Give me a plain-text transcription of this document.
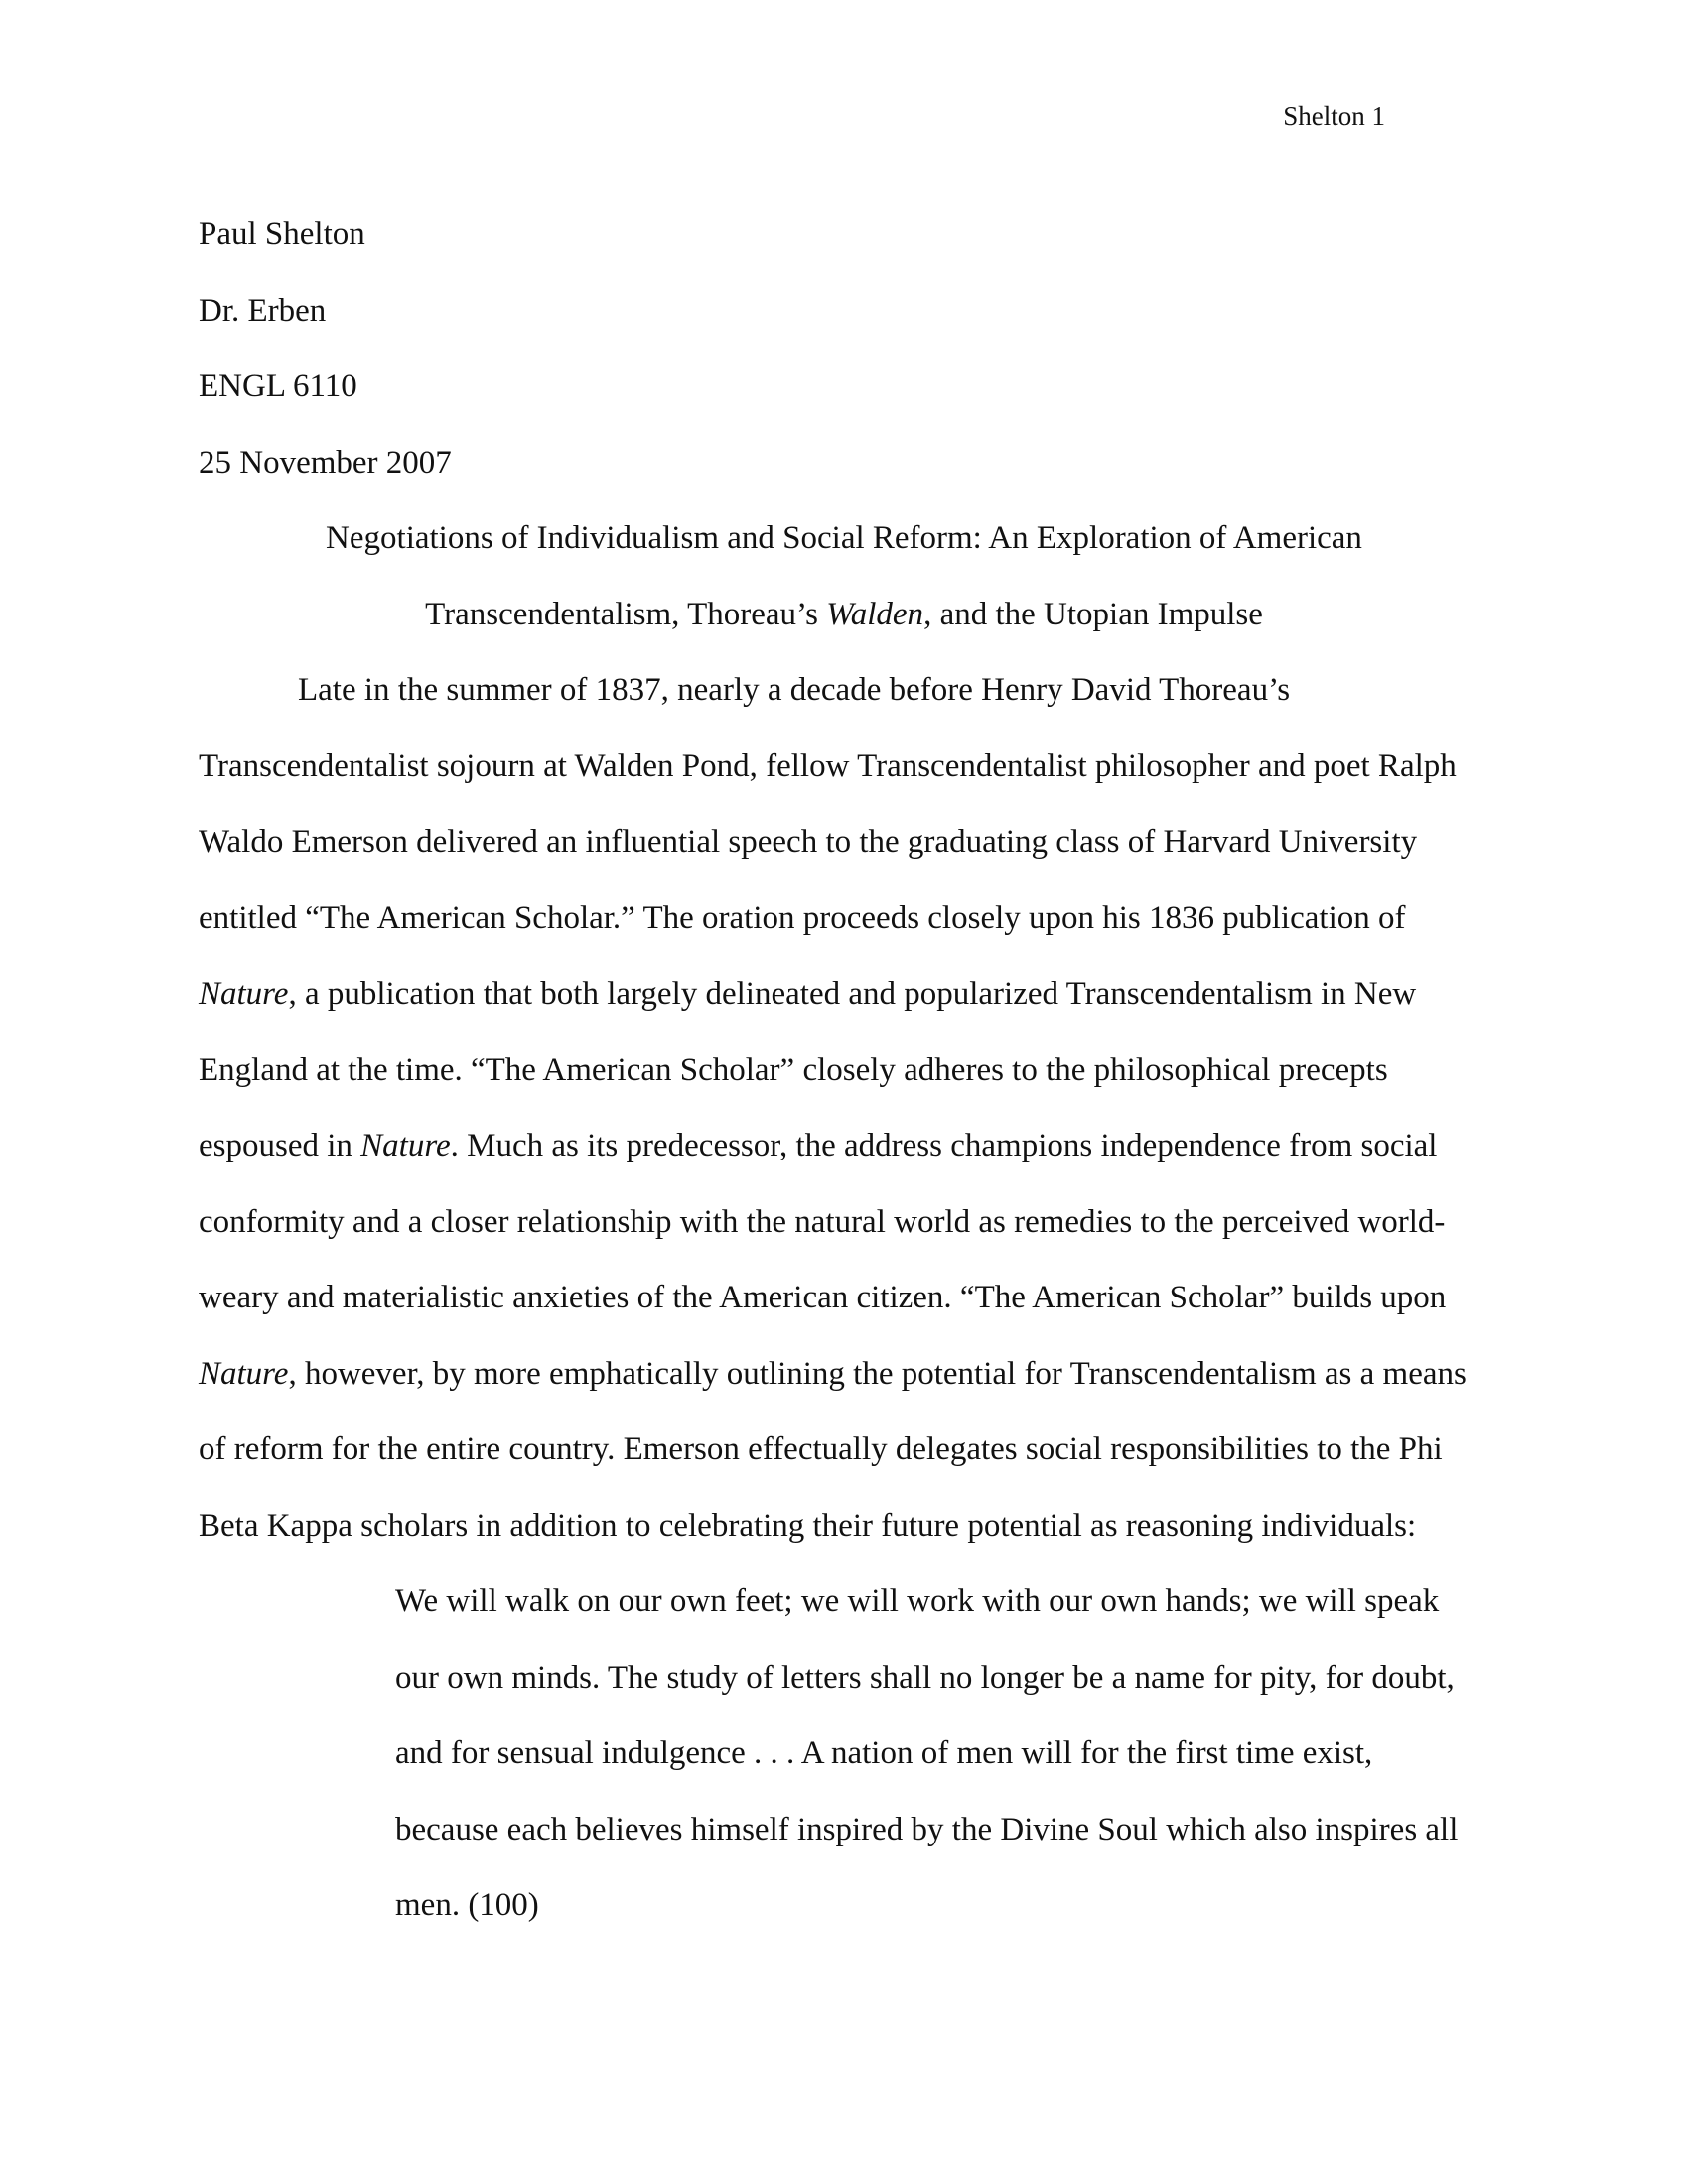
Shelton 1

Paul Shelton

Dr. Erben

ENGL 6110

25 November 2007

Negotiations of Individualism and Social Reform: An Exploration of American
Transcendentalism, Thoreau’s Walden, and the Utopian Impulse
Late in the summer of 1837, nearly a decade before Henry David Thoreau’s
Transcendentalist sojourn at Walden Pond, fellow Transcendentalist philosopher and poet Ralph
Waldo Emerson delivered an influential speech to the graduating class of Harvard University
entitled “The American Scholar.” The oration proceeds closely upon his 1836 publication of
Nature, a publication that both largely delineated and popularized Transcendentalism in New
England at the time. “The American Scholar” closely adheres to the philosophical precepts
espoused in Nature. Much as its predecessor, the address champions independence from social
conformity and a closer relationship with the natural world as remedies to the perceived world-
weary and materialistic anxieties of the American citizen. “The American Scholar” builds upon
Nature, however, by more emphatically outlining the potential for Transcendentalism as a means
of reform for the entire country. Emerson effectually delegates social responsibilities to the Phi
Beta Kappa scholars in addition to celebrating their future potential as reasoning individuals:
We will walk on our own feet; we will work with our own hands; we will speak
our own minds. The study of letters shall no longer be a name for pity, for doubt,
and for sensual indulgence . . . A nation of men will for the first time exist,
because each believes himself inspired by the Divine Soul which also inspires all
men. (100)
